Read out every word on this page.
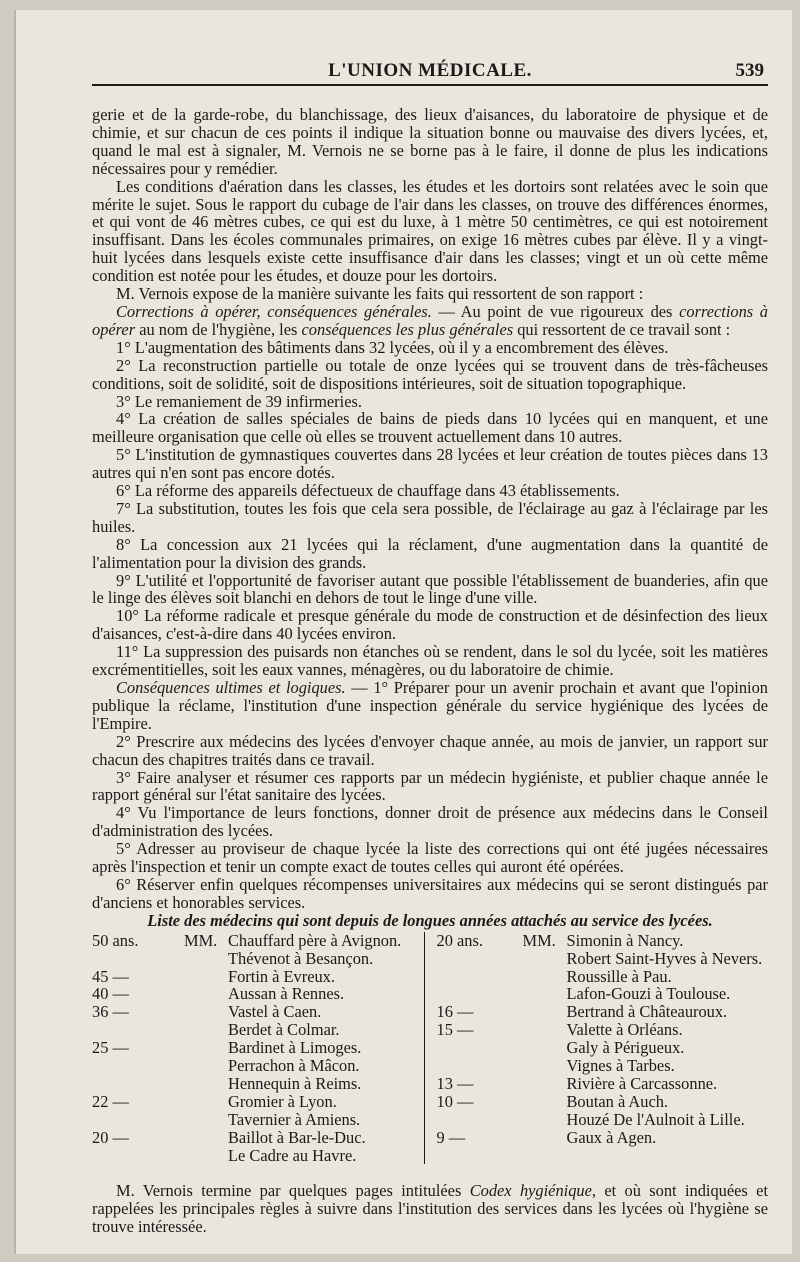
L'UNION MÉDICALE.	539

gerie et de la garde-robe, du blanchissage, des lieux d'aisances, du laboratoire de physique et de chimie, et sur chacun de ces points il indique la situation bonne ou mauvaise des divers lycées, et, quand le mal est à signaler, M. Vernois ne se borne pas à le faire, il donne de plus les indications nécessaires pour y remédier.

Les conditions d'aération dans les classes, les études et les dortoirs sont relatées avec le soin que mérite le sujet. Sous le rapport du cubage de l'air dans les classes, on trouve des différences énormes, et qui vont de 46 mètres cubes, ce qui est du luxe, à 1 mètre 50 centimètres, ce qui est notoirement insuffisant. Dans les écoles communales primaires, on exige 16 mètres cubes par élève. Il y a vingt-huit lycées dans lesquels existe cette insuffisance d'air dans les classes; vingt et un où cette même condition est notée pour les études, et douze pour les dortoirs.

M. Vernois expose de la manière suivante les faits qui ressortent de son rapport :

Corrections à opérer, conséquences générales. — Au point de vue rigoureux des corrections à opérer au nom de l'hygiène, les conséquences les plus générales qui ressortent de ce travail sont :

1° L'augmentation des bâtiments dans 32 lycées, où il y a encombrement des élèves.

2° La reconstruction partielle ou totale de onze lycées qui se trouvent dans de très-fâcheuses conditions, soit de solidité, soit de dispositions intérieures, soit de situation topographique.

3° Le remaniement de 39 infirmeries.

4° La création de salles spéciales de bains de pieds dans 10 lycées qui en manquent, et une meilleure organisation que celle où elles se trouvent actuellement dans 10 autres.

5° L'institution de gymnastiques couvertes dans 28 lycées et leur création de toutes pièces dans 13 autres qui n'en sont pas encore dotés.

6° La réforme des appareils défectueux de chauffage dans 43 établissements.

7° La substitution, toutes les fois que cela sera possible, de l'éclairage au gaz à l'éclairage par les huiles.

8° La concession aux 21 lycées qui la réclament, d'une augmentation dans la quantité de l'alimentation pour la division des grands.

9° L'utilité et l'opportunité de favoriser autant que possible l'établissement de buanderies, afin que le linge des élèves soit blanchi en dehors de tout le linge d'une ville.

10° La réforme radicale et presque générale du mode de construction et de désinfection des lieux d'aisances, c'est-à-dire dans 40 lycées environ.

11° La suppression des puisards non étanches où se rendent, dans le sol du lycée, soit les matières excrémentitielles, soit les eaux vannes, ménagères, ou du laboratoire de chimie.

Conséquences ultimes et logiques. — 1° Préparer pour un avenir prochain et avant que l'opinion publique la réclame, l'institution d'une inspection générale du service hygiénique des lycées de l'Empire.

2° Prescrire aux médecins des lycées d'envoyer chaque année, au mois de janvier, un rapport sur chacun des chapitres traités dans ce travail.

3° Faire analyser et résumer ces rapports par un médecin hygiéniste, et publier chaque année le rapport général sur l'état sanitaire des lycées.

4° Vu l'importance de leurs fonctions, donner droit de présence aux médecins dans le Conseil d'administration des lycées.

5° Adresser au proviseur de chaque lycée la liste des corrections qui ont été jugées nécessaires après l'inspection et tenir un compte exact de toutes celles qui auront été opérées.

6° Réserver enfin quelques récompenses universitaires aux médecins qui se seront distingués par d'anciens et honorables services.

Liste des médecins qui sont depuis de longues années attachés au service des lycées.

50 ans.	MM. Chauffard père à Avignon.
Thévenot à Besançon.
45 —	Fortin à Evreux.
40 —	Aussan à Rennes.
36 —	Vastel à Caen.
Berdet à Colmar.
25 —	Bardinet à Limoges.
Perrachon à Mâcon.
Hennequin à Reims.
22 —	Gromier à Lyon.
Tavernier à Amiens.
20 —	Baillot à Bar-le-Duc.
Le Cadre au Havre.
20 ans.	MM. Simonin à Nancy.
Robert Saint-Hyves à Nevers.
Roussille à Pau.
Lafon-Gouzi à Toulouse.
16 —	Bertrand à Châteauroux.
15 —	Valette à Orléans.
Galy à Périgueux.
Vignes à Tarbes.
13 —	Rivière à Carcassonne.
10 —	Boutan à Auch.
Houzé De l'Aulnoit à Lille.
9 —	Gaux à Agen.

M. Vernois termine par quelques pages intitulées Codex hygiénique, et où sont indiquées et rappelées les principales règles à suivre dans l'institution des services dans les lycées où l'hygiène se trouve intéressée.
